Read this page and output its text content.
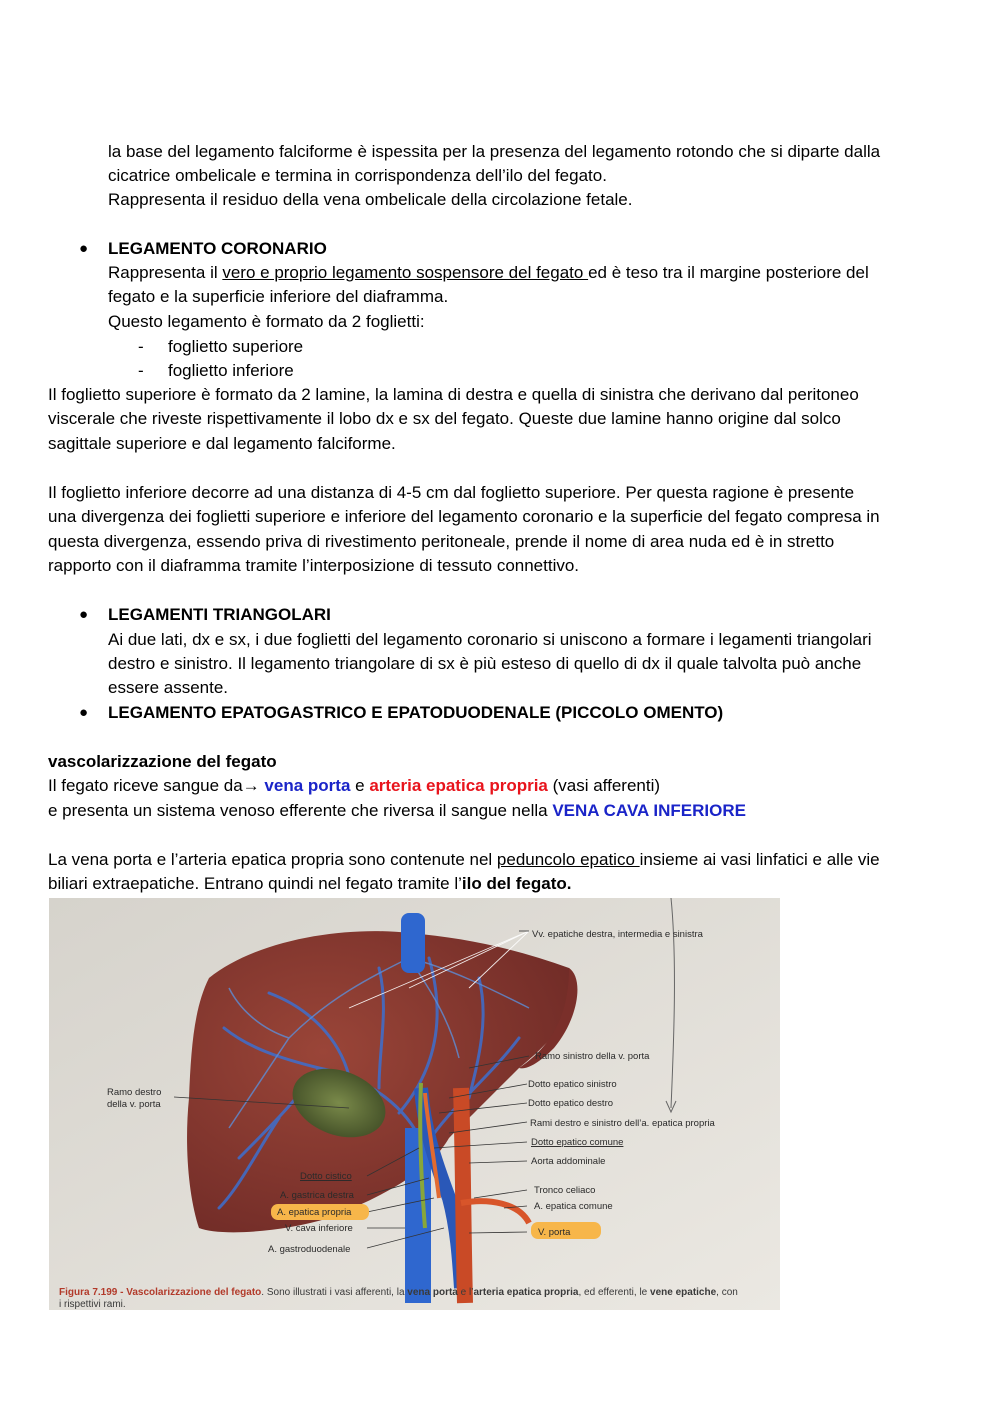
la base del legamento falciforme è ispessita per la presenza del legamento rotondo che si diparte dalla
cicatrice ombelicale e termina in corrispondenza dell’ilo del fegato.
Rappresenta il residuo della vena ombelicale della circolazione fetale.
● LEGAMENTO CORONARIO
Rappresenta il vero e proprio legamento sospensore del fegato ed è teso tra il margine posteriore del
fegato e la superficie inferiore del diaframma.
Questo legamento è formato da 2 foglietti:
- foglietto superiore
- foglietto inferiore
Il foglietto superiore è formato da 2 lamine, la lamina di destra e quella di sinistra che derivano dal peritoneo
viscerale che riveste rispettivamente il lobo dx e sx del fegato. Queste due lamine hanno origine dal solco
sagittale superiore e dal legamento falciforme.
Il foglietto inferiore decorre ad una distanza di 4-5 cm dal foglietto superiore. Per questa ragione è presente
una divergenza dei foglietti superiore e inferiore del legamento coronario e la superficie del fegato compresa in
questa divergenza, essendo priva di rivestimento peritoneale, prende il nome di area nuda ed è in stretto
rapporto con il diaframma tramite l’interposizione di tessuto connettivo.
● LEGAMENTI TRIANGOLARI
Ai due lati, dx e sx, i due foglietti del legamento coronario si uniscono a formare i legamenti triangolari
destro e sinistro. Il legamento triangolare di sx è più esteso di quello di dx il quale talvolta può anche
essere assente.
● LEGAMENTO EPATOGASTRICO E EPATODUODENALE (PICCOLO OMENTO)
vascolarizzazione del fegato
Il fegato riceve sangue da→ vena porta e arteria epatica propria (vasi afferenti)
e presenta un sistema venoso efferente che riversa il sangue nella VENA CAVA INFERIORE
La vena porta e l’arteria epatica propria sono contenute nel peduncolo epatico insieme ai vasi linfatici e alle vie
biliari extraepatiche. Entrano quindi nel fegato tramite l’ilo del fegato.
Vv. epatiche destra, intermedia e sinistra
Ramo sinistro della v. porta
Dotto epatico sinistro
Dotto epatico destro
Rami destro e sinistro dell’a. epatica propria
Dotto epatico comune
Aorta addominale
Tronco celiaco
A. epatica comune
V. porta
Ramo destro
della v. porta
Dotto cistico
A. gastrica destra
A. epatica propria
V. cava inferiore
A. gastroduodenale
Figura 7.199 - Vascolarizzazione del fegato. Sono illustrati i vasi afferenti, la vena porta e l’arteria epatica propria, ed efferenti, le vene epatiche, con
i rispettivi rami.
